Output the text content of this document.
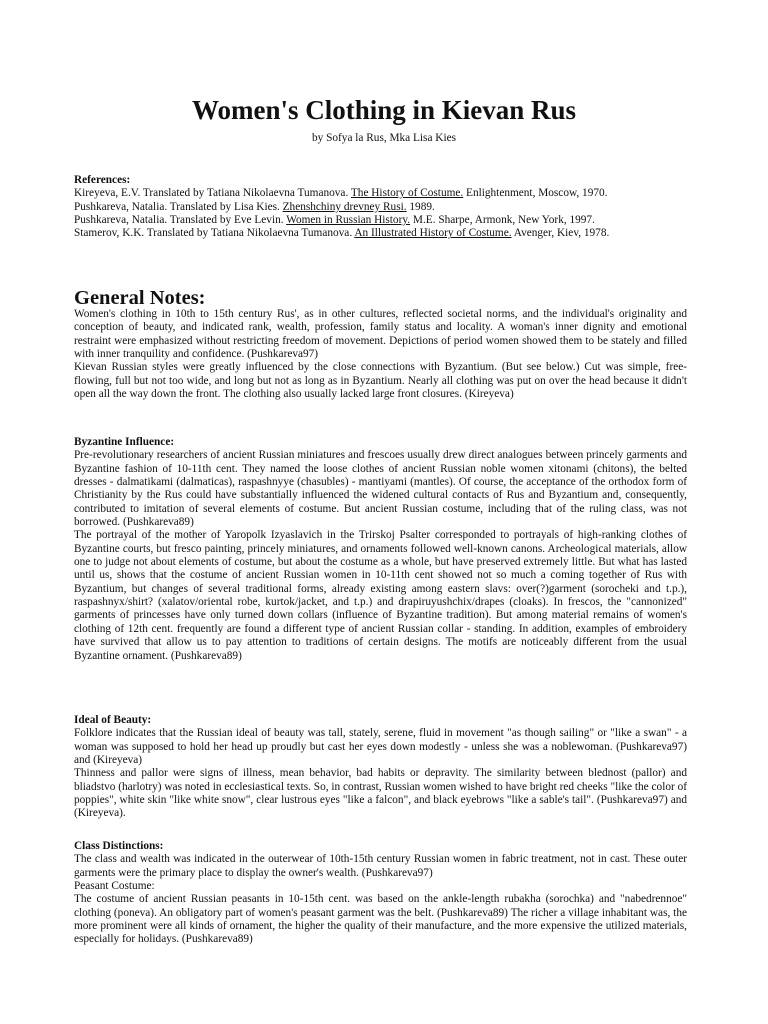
Women's Clothing in Kievan Rus
by Sofya la Rus, Mka Lisa Kies
References:
Kireyeva, E.V. Translated by Tatiana Nikolaevna Tumanova. The History of Costume. Enlightenment, Moscow, 1970.
Pushkareva, Natalia. Translated by Lisa Kies. Zhenshchiny drevney Rusi. 1989.
Pushkareva, Natalia. Translated by Eve Levin. Women in Russian History. M.E. Sharpe, Armonk, New York, 1997.
Stamerov, K.K. Translated by Tatiana Nikolaevna Tumanova. An Illustrated History of Costume. Avenger, Kiev, 1978.
General Notes:

Women's clothing in 10th to 15th century Rus', as in other cultures, reflected societal norms, and the individual's originality and conception of beauty, and indicated rank, wealth, profession, family status and locality. A woman's inner dignity and emotional restraint were emphasized without restricting freedom of movement. Depictions of period women showed them to be stately and filled with inner tranquility and confidence. (Pushkareva97)

Kievan Russian styles were greatly influenced by the close connections with Byzantium. (But see below.) Cut was simple, free-flowing, full but not too wide, and long but not as long as in Byzantium. Nearly all clothing was put on over the head because it didn't open all the way down the front. The clothing also usually lacked large front closures. (Kireyeva)

Byzantine Influence:

Pre-revolutionary researchers of ancient Russian miniatures and frescoes usually drew direct analogues between princely garments and Byzantine fashion of 10-11th cent. They named the loose clothes of ancient Russian noble women xitonami (chitons), the belted dresses - dalmatikami (dalmaticas), raspashnyye (chasubles) - mantiyami (mantles). Of course, the acceptance of the orthodox form of Christianity by the Rus could have substantially influenced the widened cultural contacts of Rus and Byzantium and, consequently, contributed to imitation of several elements of costume. But ancient Russian costume, including that of the ruling class, was not borrowed. (Pushkareva89)

The portrayal of the mother of Yaropolk Izyaslavich in the Trirskoj Psalter corresponded to portrayals of high-ranking clothes of Byzantine courts, but fresco painting, princely miniatures, and ornaments followed well-known canons. Archeological materials, allow one to judge not about elements of costume, but about the costume as a whole, but have preserved extremely little. But what has lasted until us, shows that the costume of ancient Russian women in 10-11th cent showed not so much a coming together of Rus with Byzantium, but changes of several traditional forms, already existing among eastern slavs: over(?)garment (sorocheki and t.p.), raspashnyx/shirt? (xalatov/oriental robe, kurtok/jacket, and t.p.) and drapiruyushchix/drapes (cloaks). In frescos, the "cannonized" garments of princesses have only turned down collars (influence of Byzantine tradition). But among material remains of women's clothing of 12th cent. frequently are found a different type of ancient Russian collar - standing. In addition, examples of embroidery have survived that allow us to pay attention to traditions of certain designs. The motifs are noticeably different from the usual Byzantine ornament. (Pushkareva89)

Ideal of Beauty:

Folklore indicates that the Russian ideal of beauty was tall, stately, serene, fluid in movement "as though sailing" or "like a swan" - a woman was supposed to hold her head up proudly but cast her eyes down modestly - unless she was a noblewoman. (Pushkareva97) and (Kireyeva)

Thinness and pallor were signs of illness, mean behavior, bad habits or depravity. The similarity between blednost (pallor) and bliadstvo (harlotry) was noted in ecclesiastical texts. So, in contrast, Russian women wished to have bright red cheeks "like the color of poppies", white skin "like white snow", clear lustrous eyes "like a falcon", and black eyebrows "like a sable's tail". (Pushkareva97) and (Kireyeva).

Class Distinctions:

The class and wealth was indicated in the outerwear of 10th-15th century Russian women in fabric treatment, not in cast. These outer garments were the primary place to display the owner's wealth. (Pushkareva97)

Peasant Costume:

The costume of ancient Russian peasants in 10-15th cent. was based on the ankle-length rubakha (sorochka) and "nabedrennoe" clothing (poneva). An obligatory part of women's peasant garment was the belt. (Pushkareva89) The richer a village inhabitant was, the more prominent were all kinds of ornament, the higher the quality of their manufacture, and the more expensive the utilized materials, especially for holidays. (Pushkareva89)
